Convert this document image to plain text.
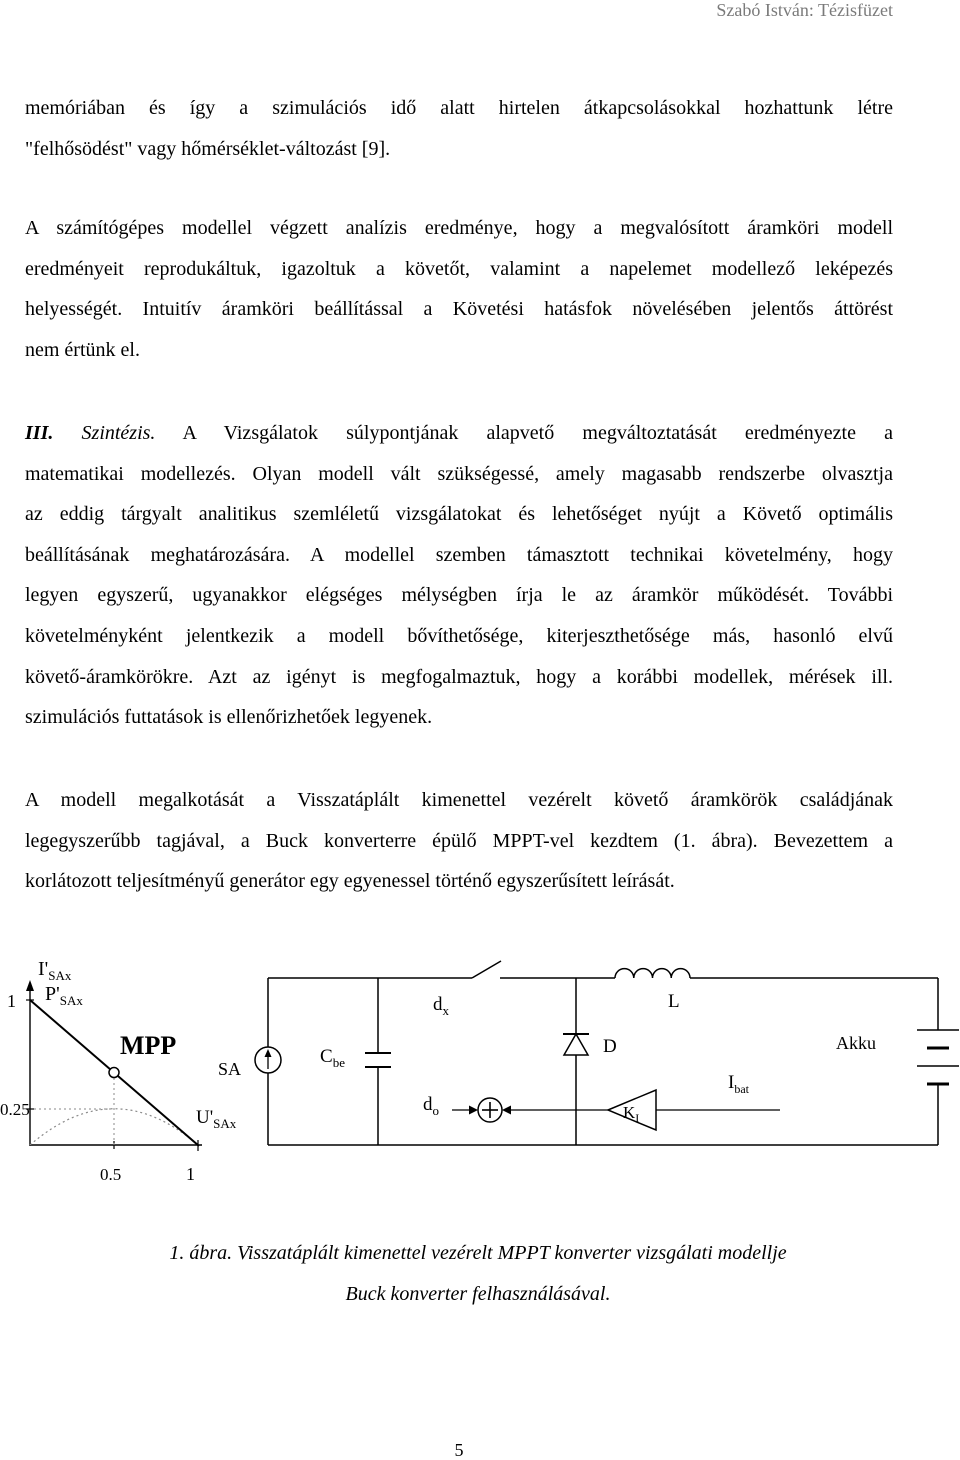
Szabó István: Tézisfüzet
memóriában és így a szimulációs idő alatt hirtelen átkapcsolásokkal hozhattunk létre
"felhősödést" vagy hőmérséklet-változást [9].
A számítógépes modellel végzett analízis eredménye, hogy a megvalósított áramköri modell
eredményeit reprodukáltuk, igazoltuk a követőt, valamint a napelemet modellező leképezés
helyességét. Intuitív áramköri beállítással a Követési hatásfok növelésében jelentős áttörést
nem értünk el.
III. Szintézis. A Vizsgálatok súlypontjának alapvető megváltoztatását eredményezte a
matematikai modellezés. Olyan modell vált szükségessé, amely magasabb rendszerbe olvasztja
az eddig tárgyalt analitikus szemléletű vizsgálatokat és lehetőséget nyújt a Követő optimális
beállításának meghatározására. A modellel szemben támasztott technikai követelmény, hogy
legyen egyszerű, ugyanakkor elégséges mélységben írja le az áramkör működését. További
követelményként jelentkezik a modell bővíthetősége, kiterjeszthetősége más, hasonló elvű
követő-áramkörökre. Azt az igényt is megfogalmaztuk, hogy a korábbi modellek, mérések ill.
szimulációs futtatások is ellenőrizhetőek legyenek.
A modell megalkotását a Visszatáplált kimenettel vezérelt követő áramkörök családjának
legegyszerűbb tagjával, a Buck konverterre épülő MPPT-vel kezdtem (1. ábra). Bevezettem a
korlátozott teljesítményű generátor egy egyenessel történő egyszerűsített leírását.
1
$I'_{SAx}$
$P'_{SAx}$
0.25
0.5	1
MPP
SA
$U'_{SAx}$
$C_{be}$
$d_x$	L
D	Akku
$I_{bat}$
$d_o$	$K_I$
1. ábra. Visszatáplált kimenettel vezérelt MPPT konverter vizsgálati modellje
Buck konverter felhasználásával.
5
